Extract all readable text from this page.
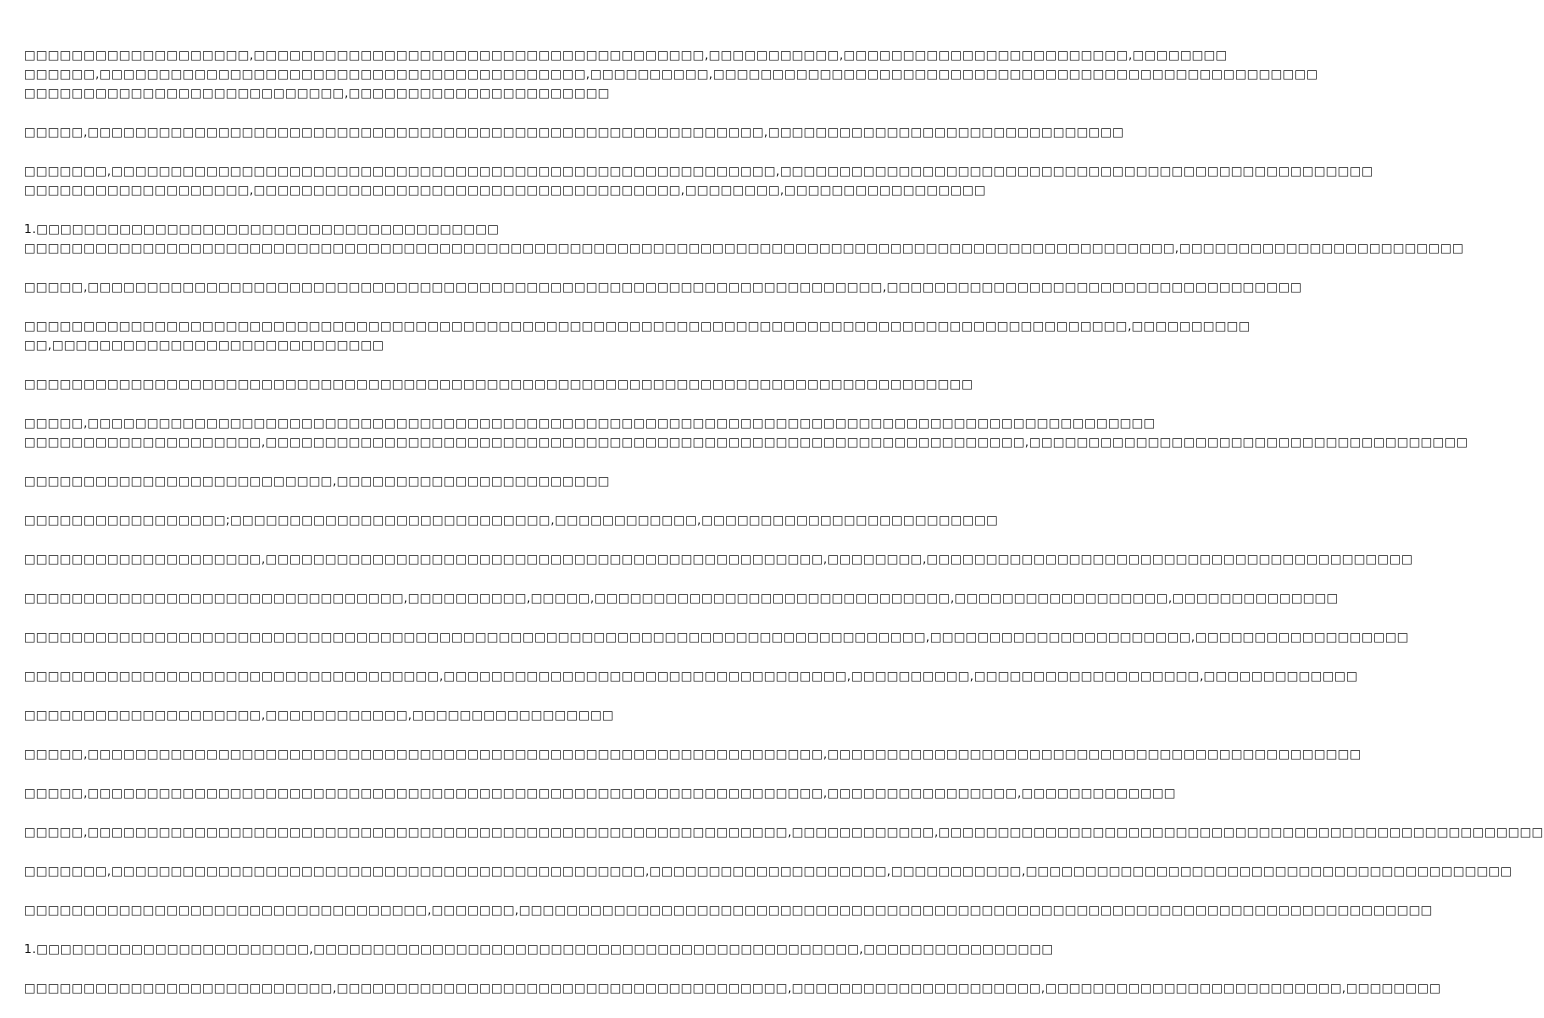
□□□□□□□□□□□□□□□□□□□,□□□□□□□□□□□□□□□□□□□□□□□□□□□□□□□□□□□□□□,□□□□□□□□□□□,□□□□□□□□□□□□□□□□□□□□□□□□,□□□□□□□□
□□□□□□,□□□□□□□□□□□□□□□□□□□□□□□□□□□□□□□□□□□□□□□□□,□□□□□□□□□□,□□□□□□□□□□□□□□□□□□□□□□□□□□□□□□□□□□□□□□□□□□□□□□□□□□□
□□□□□□□□□□□□□□□□□□□□□□□□□□□,□□□□□□□□□□□□□□□□□□□□□□
□□□□□,□□□□□□□□□□□□□□□□□□□□□□□□□□□□□□□□□□□□□□□□□□□□□□□□□□□□□□□□□,□□□□□□□□□□□□□□□□□□□□□□□□□□□□□□
□□□□□□□,□□□□□□□□□□□□□□□□□□□□□□□□□□□□□□□□□□□□□□□□□□□□□□□□□□□□□□□□,□□□□□□□□□□□□□□□□□□□□□□□□□□□□□□□□□□□□□□□□□□□□□□□□□□
□□□□□□□□□□□□□□□□□□□,□□□□□□□□□□□□□□□□□□□□□□□□□□□□□□□□□□□□,□□□□□□□□,□□□□□□□□□□□□□□□□□
1.□□□□□□□□□□□□□□□□□□□□□□□□□□□□□□□□□□□□□□□
□□□□□□□□□□□□□□□□□□□□□□□□□□□□□□□□□□□□□□□□□□□□□□□□□□□□□□□□□□□□□□□□□□□□□□□□□□□□□□□□□□□□□□□□□□□□□□□□□,□□□□□□□□□□□□□□□□□□□□□□□□
□□□□□,□□□□□□□□□□□□□□□□□□□□□□□□□□□□□□□□□□□□□□□□□□□□□□□□□□□□□□□□□□□□□□□□□□□,□□□□□□□□□□□□□□□□□□□□□□□□□□□□□□□□□□□
□□□□□□□□□□□□□□□□□□□□□□□□□□□□□□□□□□□□□□□□□□□□□□□□□□□□□□□□□□□□□□□□□□□□□□□□□□□□□□□□□□□□□□□□□□□□□,□□□□□□□□□□
□□,□□□□□□□□□□□□□□□□□□□□□□□□□□□□
□□□□□□□□□□□□□□□□□□□□□□□□□□□□□□□□□□□□□□□□□□□□□□□□□□□□□□□□□□□□□□□□□□□□□□□□□□□□□□□□
□□□□□,□□□□□□□□□□□□□□□□□□□□□□□□□□□□□□□□□□□□□□□□□□□□□□□□□□□□□□□□□□□□□□□□□□□□□□□□□□□□□□□□□□□□□□□□□□
□□□□□□□□□□□□□□□□□□□□,□□□□□□□□□□□□□□□□□□□□□□□□□□□□□□□□□□□□□□□□□□□□□□□□□□□□□□□□□□□□□□□□,□□□□□□□□□□□□□□□□□□□□□□□□□□□□□□□□□□□□□
□□□□□□□□□□□□□□□□□□□□□□□□□□,□□□□□□□□□□□□□□□□□□□□□□□
□□□□□□□□□□□□□□□□□;□□□□□□□□□□□□□□□□□□□□□□□□□□□,□□□□□□□□□□□□,□□□□□□□□□□□□□□□□□□□□□□□□□
□□□□□□□□□□□□□□□□□□□□,□□□□□□□□□□□□□□□□□□□□□□□□□□□□□□□□□□□□□□□□□□□□□□□,□□□□□□□□,□□□□□□□□□□□□□□□□□□□□□□□□□□□□□□□□□□□□□□□□□
□□□□□□□□□□□□□□□□□□□□□□□□□□□□□□□□,□□□□□□□□□□,□□□□□,□□□□□□□□□□□□□□□□□□□□□□□□□□□□□□,□□□□□□□□□□□□□□□□□□,□□□□□□□□□□□□□□
□□□□□□□□□□□□□□□□□□□□□□□□□□□□□□□□□□□□□□□□□□□□□□□□□□□□□□□□□□□□□□□□□□□□□□□□□□□□,□□□□□□□□□□□□□□□□□□□□□□,□□□□□□□□□□□□□□□□□□
□□□□□□□□□□□□□□□□□□□□□□□□□□□□□□□□□□□,□□□□□□□□□□□□□□□□□□□□□□□□□□□□□□□□□□,□□□□□□□□□□,□□□□□□□□□□□□□□□□□□□,□□□□□□□□□□□□□
□□□□□□□□□□□□□□□□□□□□,□□□□□□□□□□□□,□□□□□□□□□□□□□□□□□
□□□□□,□□□□□□□□□□□□□□□□□□□□□□□□□□□□□□□□□□□□□□□□□□□□□□□□□□□□□□□□□□□□□□,□□□□□□□□□□□□□□□□□□□□□□□□□□□□□□□□□□□□□□□□□□□□□
□□□□□,□□□□□□□□□□□□□□□□□□□□□□□□□□□□□□□□□□□□□□□□□□□□□□□□□□□□□□□□□□□□□□,□□□□□□□□□□□□□□□□,□□□□□□□□□□□□□
□□□□□,□□□□□□□□□□□□□□□□□□□□□□□□□□□□□□□□□□□□□□□□□□□□□□□□□□□□□□□□□□□,□□□□□□□□□□□□,□□□□□□□□□□□□□□□□□□□□□□□□□□□□□□□□□□□□□□□□□□□□□□□□□□□
□□□□□□□,□□□□□□□□□□□□□□□□□□□□□□□□□□□□□□□□□□□□□□□□□□□□□,□□□□□□□□□□□□□□□□□□□□,□□□□□□□□□□□,□□□□□□□□□□□□□□□□□□□□□□□□□□□□□□□□□□□□□□□□□
□□□□□□□□□□□□□□□□□□□□□□□□□□□□□□□□□□,□□□□□□□,□□□□□□□□□□□□□□□□□□□□□□□□□□□□□□□□□□□□□□□□□□□□□□□□□□□□□□□□□□□□□□□□□□□□□□□□□□□□□
1.□□□□□□□□□□□□□□□□□□□□□□□,□□□□□□□□□□□□□□□□□□□□□□□□□□□□□□□□□□□□□□□□□□□□□□,□□□□□□□□□□□□□□□□
□□□□□□□□□□□□□□□□□□□□□□□□□□,□□□□□□□□□□□□□□□□□□□□□□□□□□□□□□□□□□□□□□,□□□□□□□□□□□□□□□□□□□□□,□□□□□□□□□□□□□□□□□□□□□□□□□,□□□□□□□□
